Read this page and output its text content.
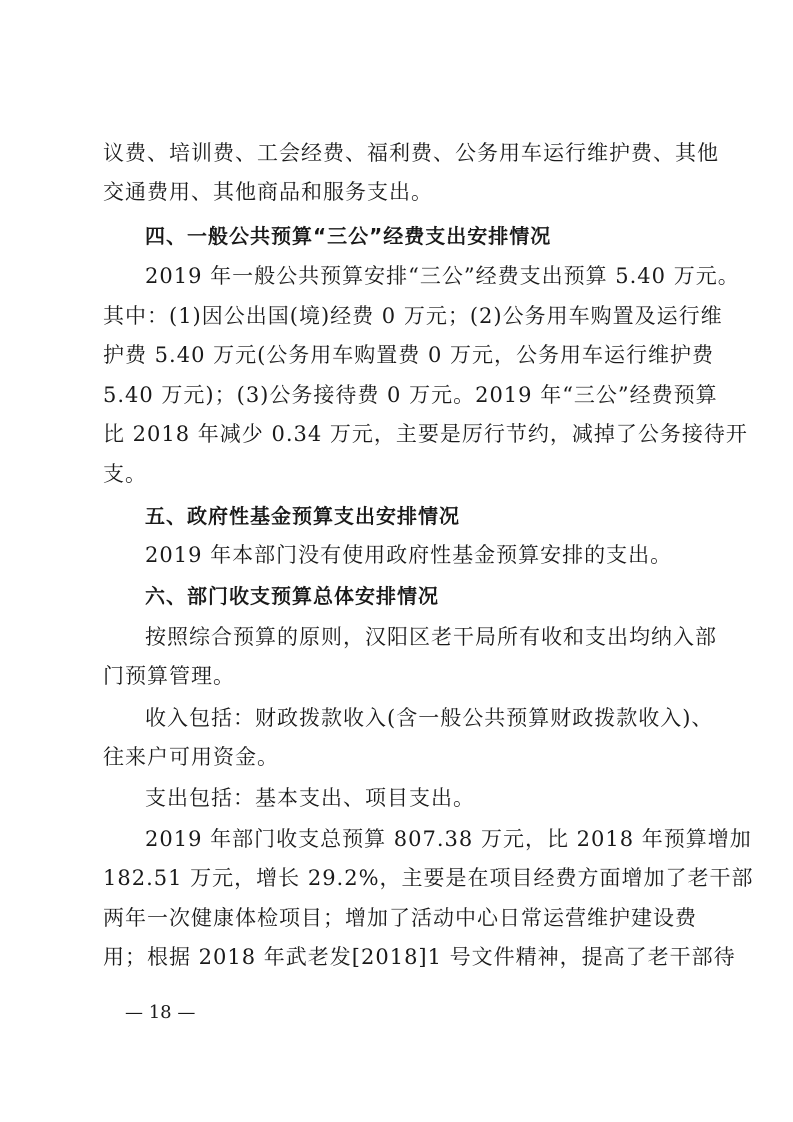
议费、培训费、工会经费、福利费、公务用车运行维护费、其他
交通费用、其他商品和服务支出。
四、一般公共预算“三公”经费支出安排情况
2019 年一般公共预算安排“三公”经费支出预算 5.40 万元。
其中：(1)因公出国(境)经费 0 万元；(2)公务用车购置及运行维
护费 5.40 万元(公务用车购置费 0 万元，公务用车运行维护费
5.40 万元)；(3)公务接待费 0 万元。2019 年“三公”经费预算
比 2018 年减少 0.34 万元，主要是厉行节约，减掉了公务接待开
支。
五、政府性基金预算支出安排情况
2019 年本部门没有使用政府性基金预算安排的支出。
六、部门收支预算总体安排情况
按照综合预算的原则，汉阳区老干局所有收和支出均纳入部
门预算管理。
收入包括：财政拨款收入(含一般公共预算财政拨款收入)、
往来户可用资金。
支出包括：基本支出、项目支出。
2019 年部门收支总预算 807.38 万元，比 2018 年预算增加
182.51 万元，增长 29.2%，主要是在项目经费方面增加了老干部
两年一次健康体检项目；增加了活动中心日常运营维护建设费
用；根据 2018 年武老发[2018]1 号文件精神，提高了老干部待
— 18 —
